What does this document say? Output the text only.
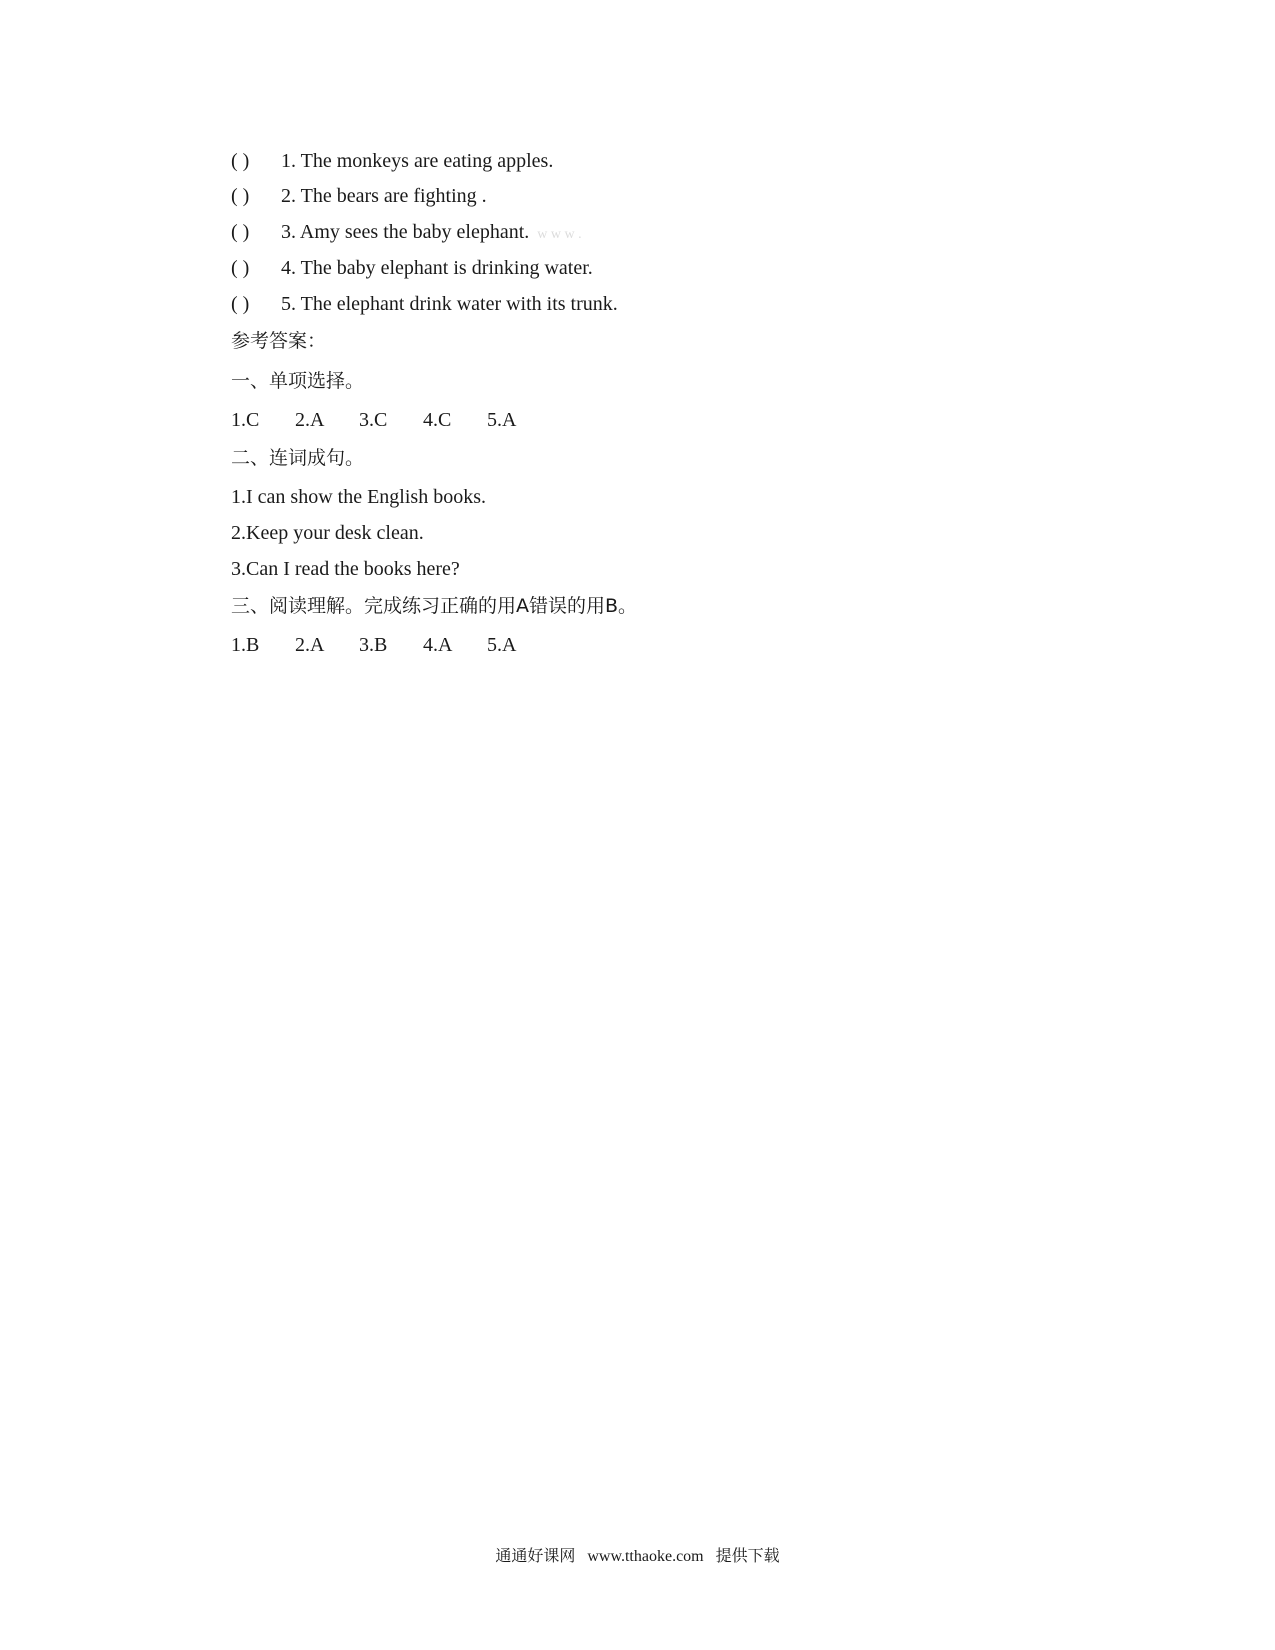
( ) 1. The monkeys are eating apples.
( ) 2. The bears are fighting .
( ) 3. Amy sees the baby elephant. w w w .
( ) 4. The baby elephant is drinking water.
( ) 5. The elephant drink water with its trunk.
参考答案：
一、单项选择。
1.C 2.A 3.C 4.C 5.A
二、连词成句。
1.I can show the English books.
2.Keep your desk clean.
3.Can I read the books here?
三、阅读理解。完成练习正确的用A错误的用B。
1.B 2.A 3.B 4.A 5.A
通通好课网 www.tthaoke.com 提供下载
